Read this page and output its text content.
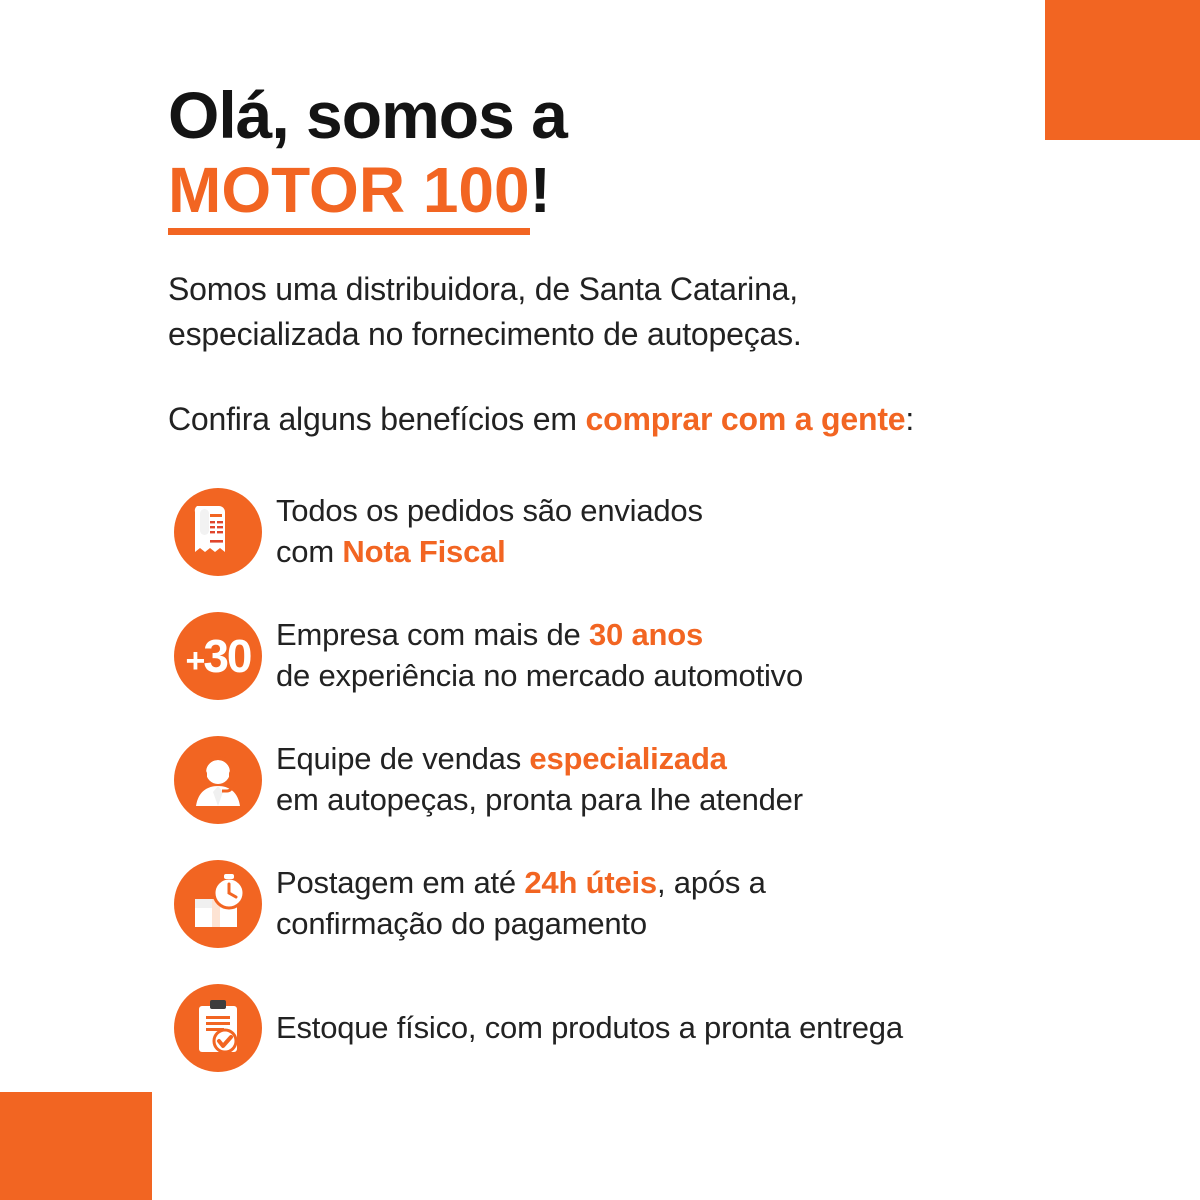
Olá, somos a
MOTOR 100!

Somos uma distribuidora, de Santa Catarina,
especializada no fornecimento de autopeças.

Confira alguns benefícios em comprar com a gente:

Todos os pedidos são enviados
com Nota Fiscal
+30 Empresa com mais de 30 anos
de experiência no mercado automotivo
Equipe de vendas especializada
em autopeças, pronta para lhe atender
Postagem em até 24h úteis, após a
confirmação do pagamento
Estoque físico, com produtos a pronta entrega
